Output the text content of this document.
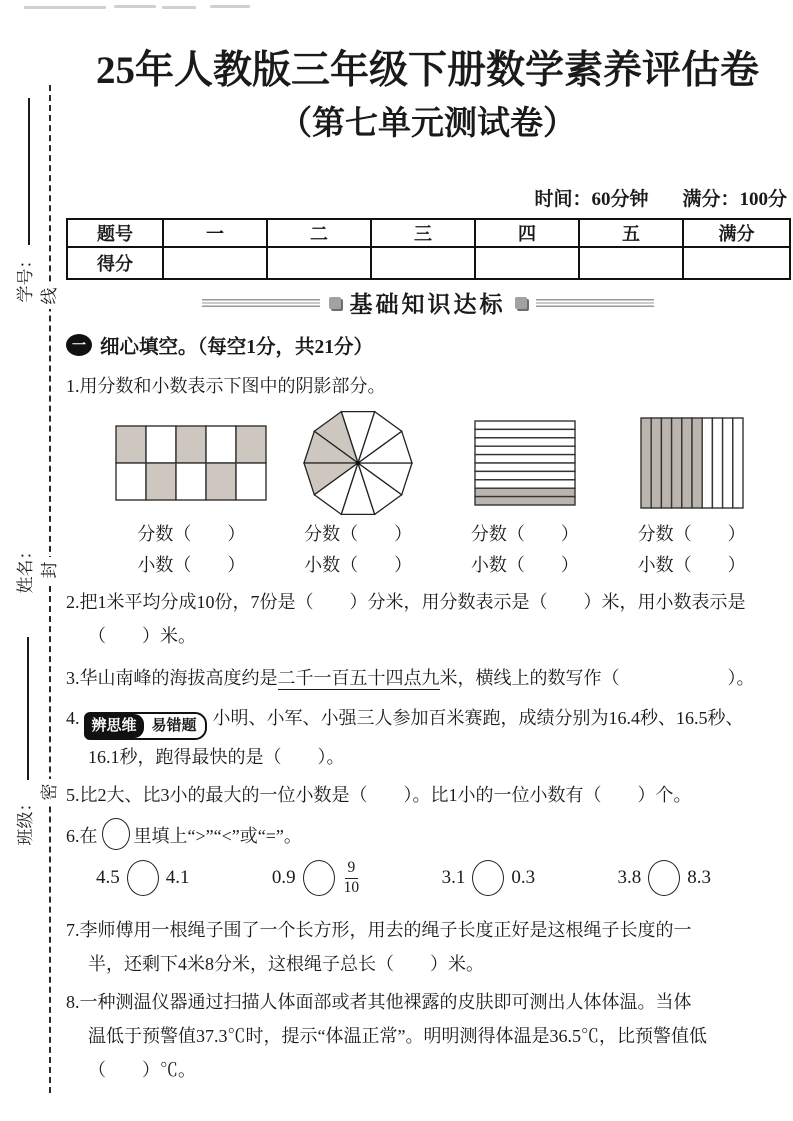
学号：
姓名：
班级：
线
封
密
25年人教版三年级下册数学素养评估卷
（第七单元测试卷）
时间：60分钟 满分：100分
题号	一	二	三	四	五	满分
得分						
基础知识达标
一 细心填空。（每空1分，共21分）

1.用分数和小数表示下图中的阴影部分。

分数（　　）
小数（　　）
分数（　　）
小数（　　）
分数（　　）
小数（　　）
分数（　　）
小数（　　）

2.把1米平均分成10份，7份是（　　）分米，用分数表示是（　　）米，用小数表示是

（　　）米。

3.华山南峰的海拔高度约是二千一百五十四点九米，横线上的数写作（　　　　　　）。

4. 辨思维	易错题 小明、小军、小强三人参加百米赛跑，成绩分别为16.4秒、16.5秒、

16.1秒，跑得最快的是（　　）。

5.比2大、比3小的最大的一位小数是（　　）。比1小的一位小数有（　　）个。

6.在 里填上“>”“<”或“=”。

4.5 4.1	0.9	$\frac{9}{10}$	3.1 0.3	3.8 8.3

7.李师傅用一根绳子围了一个长方形，用去的绳子长度正好是这根绳子长度的一

半，还剩下4米8分米，这根绳子总长（　　）米。

8.一种测温仪器通过扫描人体面部或者其他裸露的皮肤即可测出人体体温。当体

温低于预警值37.3℃时，提示“体温正常”。明明测得体温是36.5℃，比预警值低

（　　）℃。
